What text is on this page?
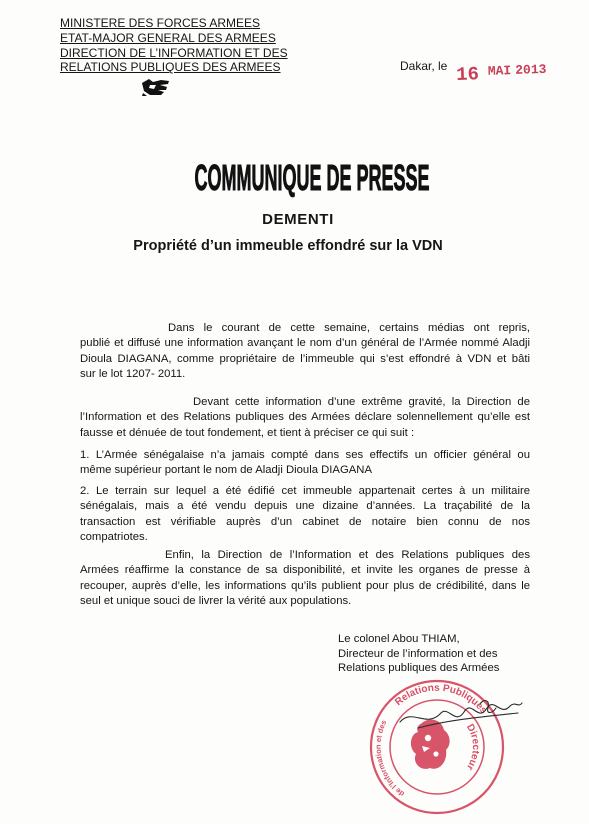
MINISTERE DES FORCES ARMEES
ETAT-MAJOR GENERAL DES ARMEES
DIRECTION DE L’INFORMATION ET DES
RELATIONS PUBLIQUES DES ARMEES	Dakar, le 16 MAI 2013
COMMUNIQUE DE PRESSE
DEMENTI
Propriété d’un immeuble effondré sur la VDN
Dans le courant de cette semaine, certains médias ont repris,
publié et diffusé une information avançant le nom d’un général de l’Armée nommé Aladji
Dioula DIAGANA, comme propriétaire de l’immeuble qui s’est effondré à VDN et bâti
sur le lot 1207- 2011.
Devant cette information d’une extrême gravité, la Direction de
l’Information et des Relations publiques des Armées déclare solennellement qu’elle est
fausse et dénuée de tout fondement, et tient à préciser ce qui suit :
1. L’Armée sénégalaise n’a jamais compté dans ses effectifs un officier général ou
même supérieur portant le nom de Aladji Dioula DIAGANA
2. Le terrain sur lequel a été édifié cet immeuble appartenait certes à un militaire
sénégalais, mais a été vendu depuis une dizaine d’années. La traçabilité de la
transaction est vérifiable auprès d’un cabinet de notaire bien connu de nos
compatriotes.
Enfin, la Direction de l’Information et des Relations publiques des
Armées réaffirme la constance de sa disponibilité, et invite les organes de presse à
recouper, auprès d’elle, les informations qu’ils publient pour plus de crédibilité, dans le
seul et unique souci de livrer la vérité aux populations.
Le colonel Abou THIAM,
Directeur de l’information et des
Relations publiques des Armées
de l’Information et des
Relations Publiques
Directeur
